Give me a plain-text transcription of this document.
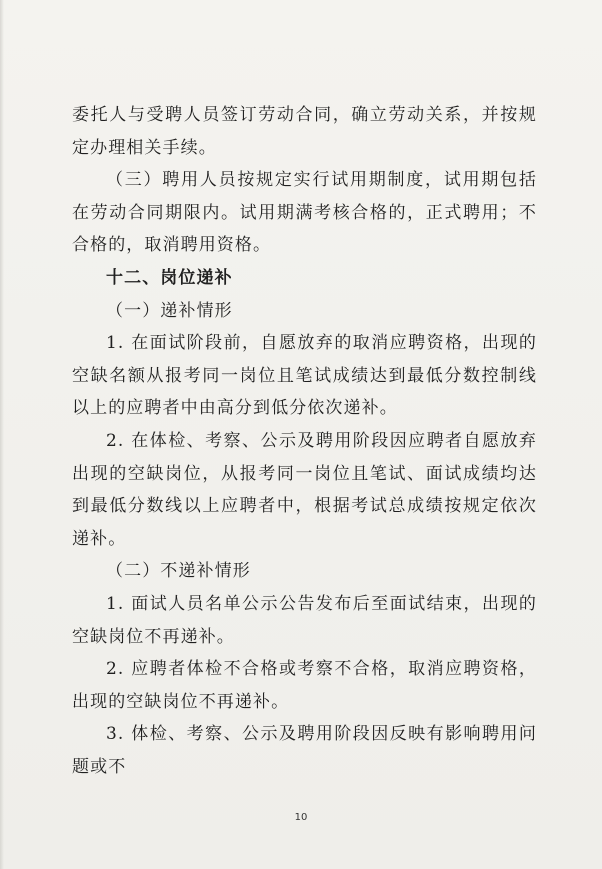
委托人与受聘人员签订劳动合同，确立劳动关系，并按规定办理相关手续。

（三）聘用人员按规定实行试用期制度，试用期包括在劳动合同期限内。试用期满考核合格的，正式聘用；不合格的，取消聘用资格。

十二、岗位递补

（一）递补情形

1. 在面试阶段前，自愿放弃的取消应聘资格，出现的空缺名额从报考同一岗位且笔试成绩达到最低分数控制线以上的应聘者中由高分到低分依次递补。

2. 在体检、考察、公示及聘用阶段因应聘者自愿放弃出现的空缺岗位，从报考同一岗位且笔试、面试成绩均达到最低分数线以上应聘者中，根据考试总成绩按规定依次递补。

（二）不递补情形

1. 面试人员名单公示公告发布后至面试结束，出现的空缺岗位不再递补。

2. 应聘者体检不合格或考察不合格，取消应聘资格，出现的空缺岗位不再递补。

3. 体检、考察、公示及聘用阶段因反映有影响聘用问题或不

10
